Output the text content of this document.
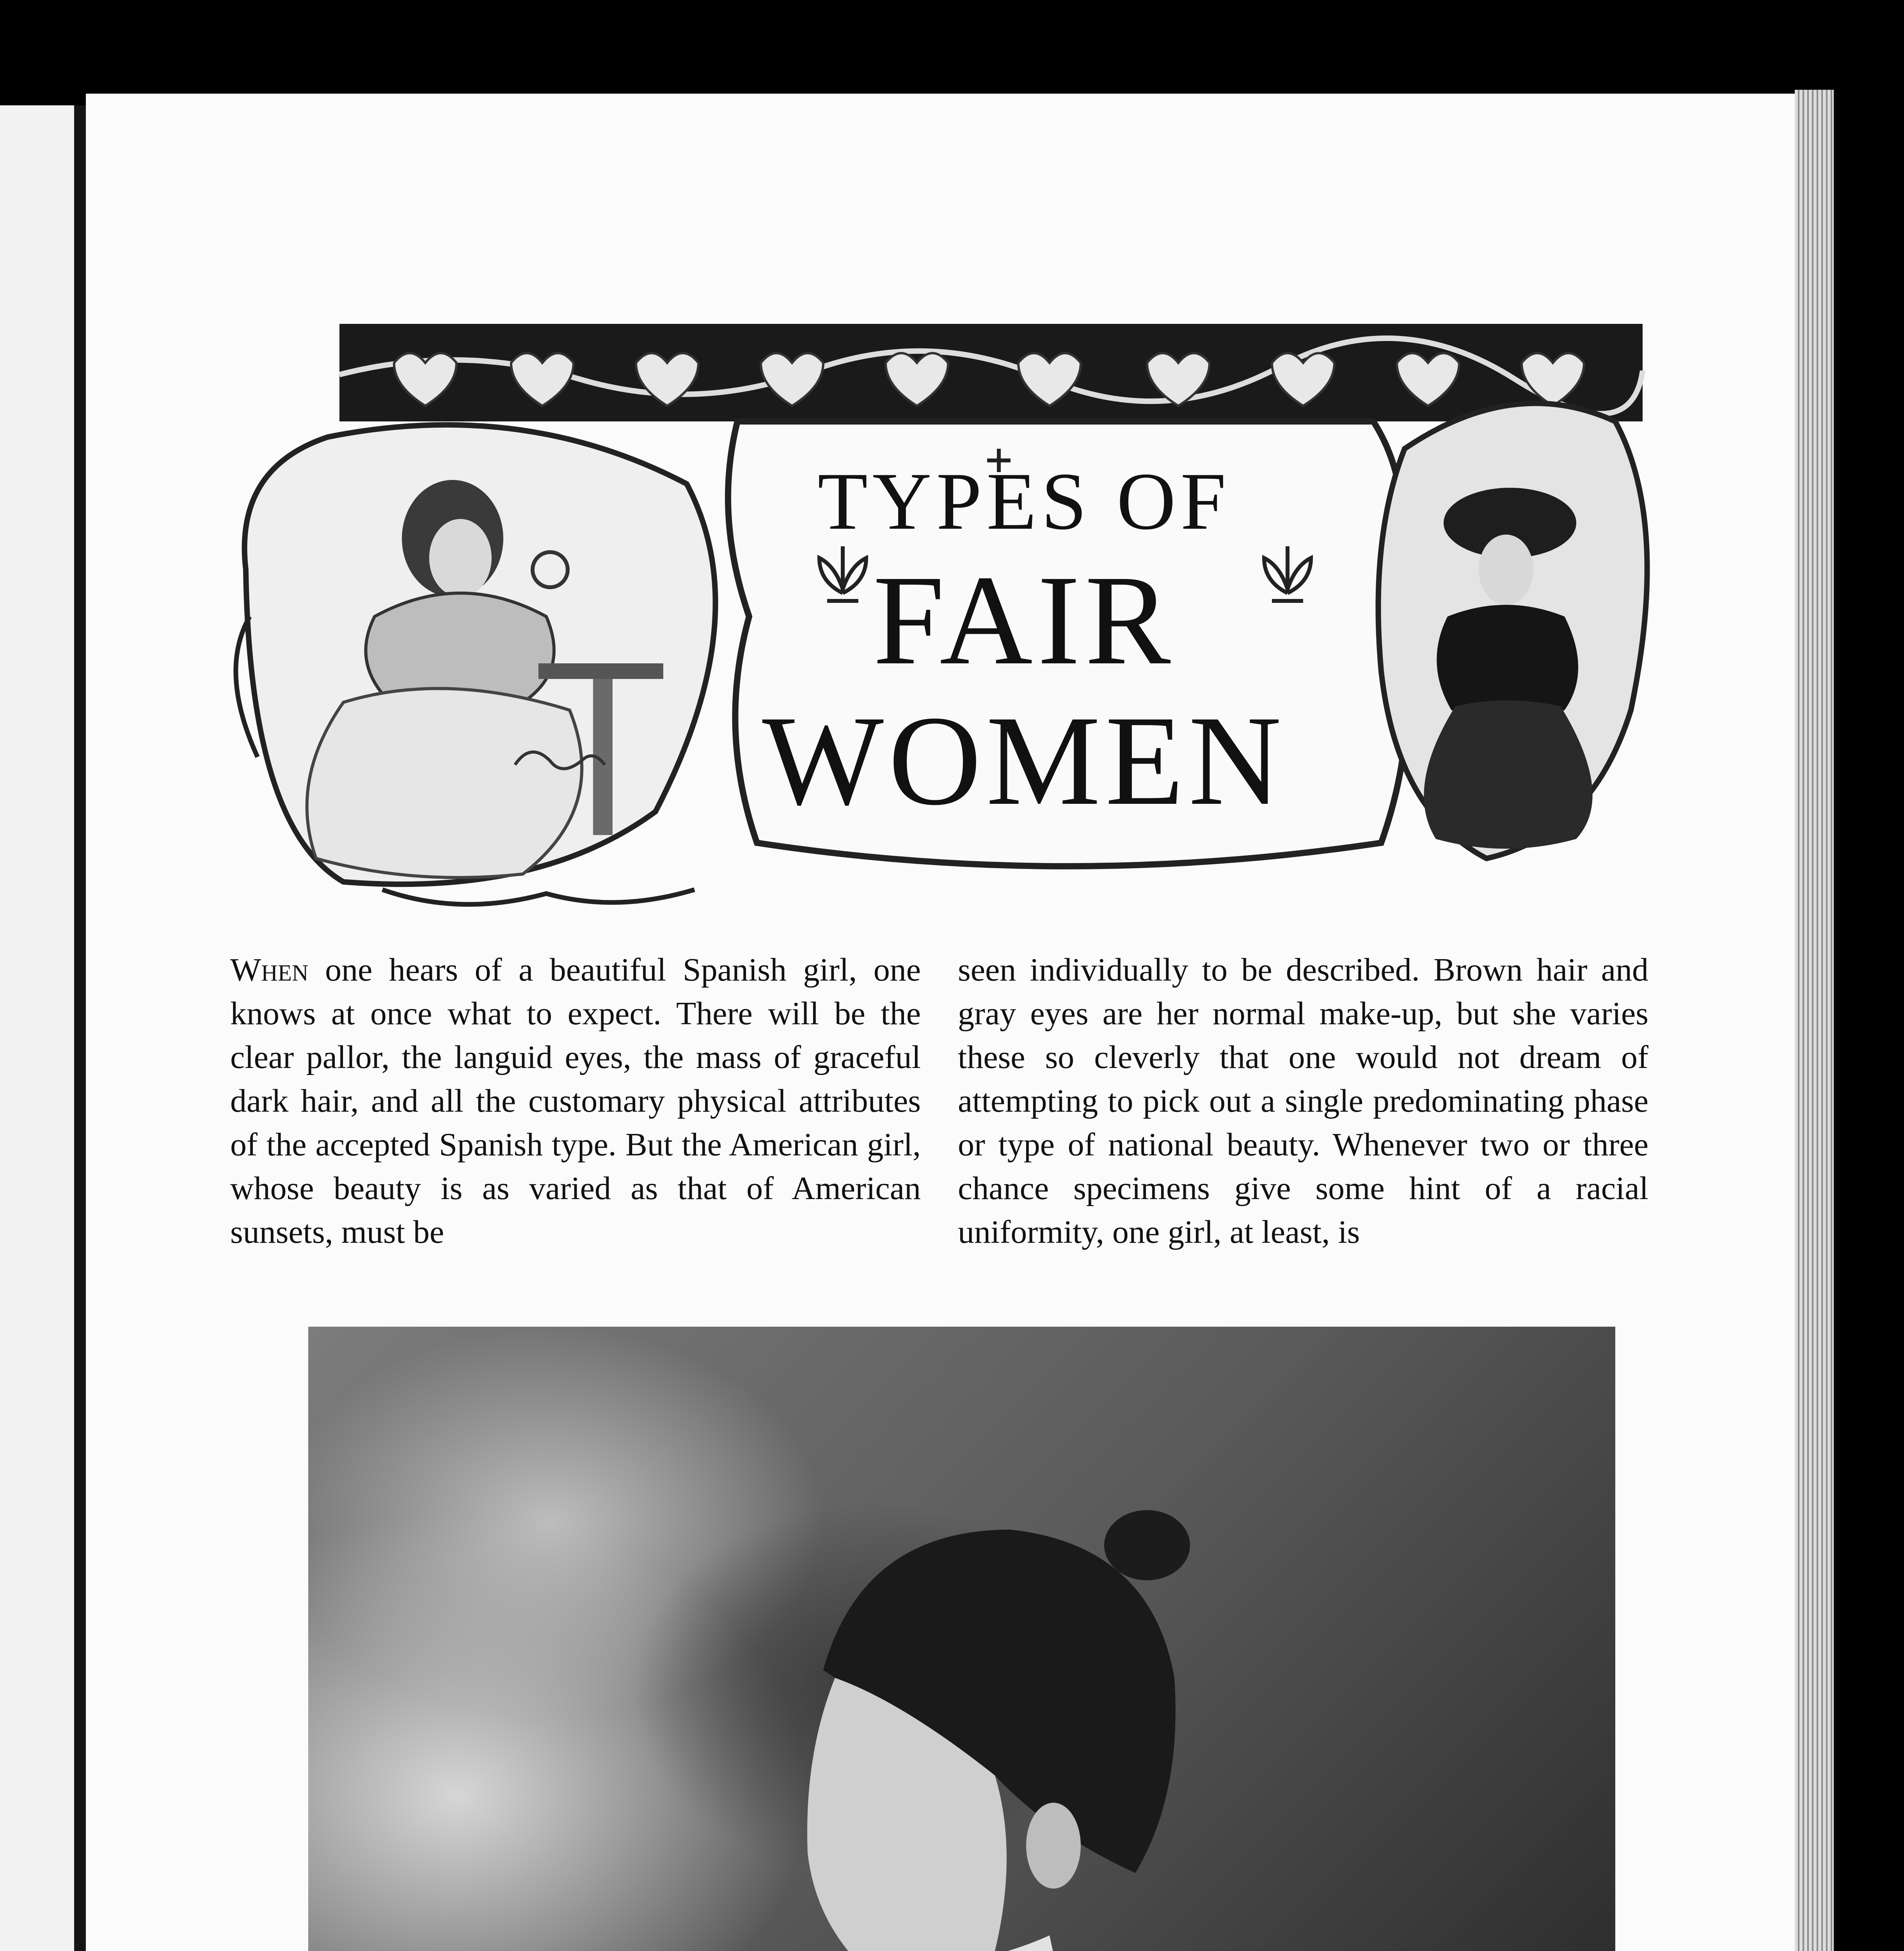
TYPES OF
FAIR
WOMEN

When one hears of a beautiful Spanish girl, one knows at once what to expect. There will be the clear pallor, the languid eyes, the mass of graceful dark hair, and all the customary physical attributes of the accepted Spanish type. But the American girl, whose beauty is as varied as that of American sunsets, must be

seen individually to be described. Brown hair and gray eyes are her normal make-up, but she varies these so cleverly that one would not dream of attempting to pick out a single predominating phase or type of national beauty. Whenever two or three chance specimens give some hint of a racial uniformity, one girl, at least, is
